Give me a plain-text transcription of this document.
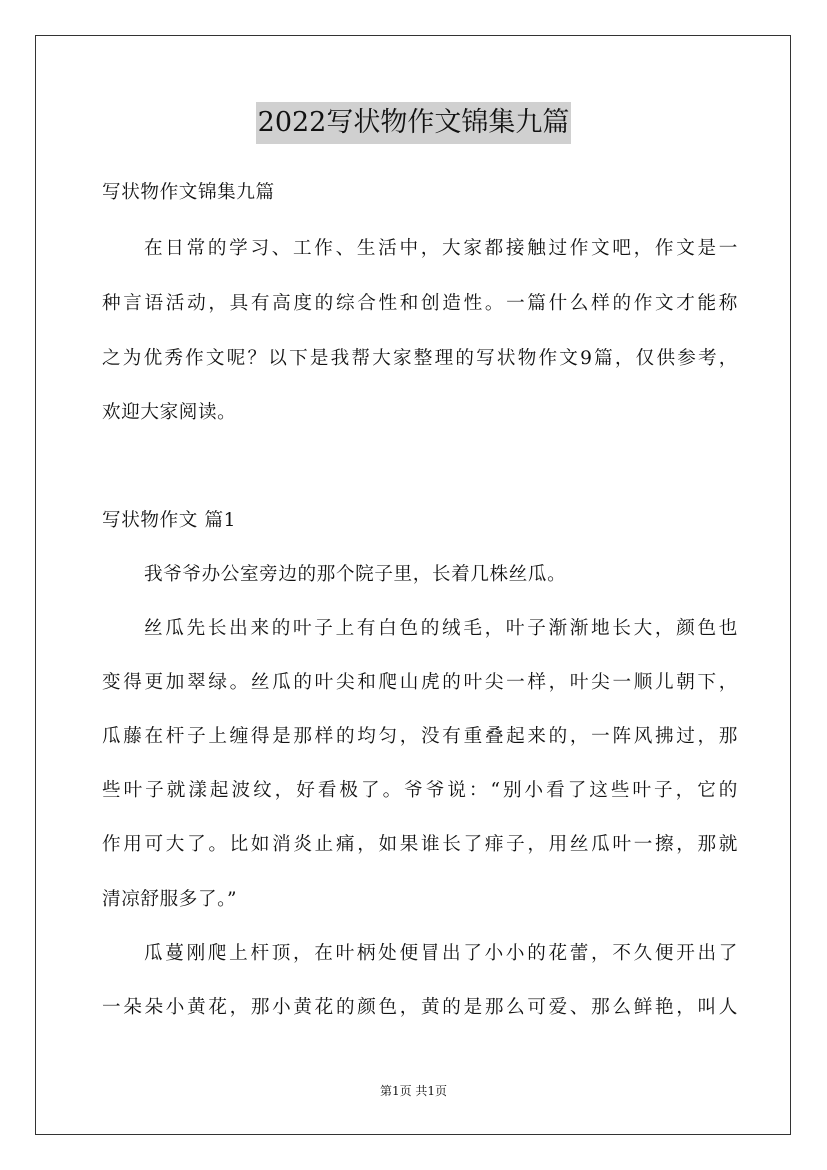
2022写状物作文锦集九篇

写状物作文锦集九篇

在日常的学习、工作、生活中，大家都接触过作文吧，作文是一

种言语活动，具有高度的综合性和创造性。一篇什么样的作文才能称

之为优秀作文呢？以下是我帮大家整理的写状物作文9篇，仅供参考，

欢迎大家阅读。

写状物作文 篇1

我爷爷办公室旁边的那个院子里，长着几株丝瓜。

丝瓜先长出来的叶子上有白色的绒毛，叶子渐渐地长大，颜色也

变得更加翠绿。丝瓜的叶尖和爬山虎的叶尖一样，叶尖一顺儿朝下，

瓜藤在杆子上缠得是那样的均匀，没有重叠起来的，一阵风拂过，那

些叶子就漾起波纹，好看极了。爷爷说：“别小看了这些叶子，它的

作用可大了。比如消炎止痛，如果谁长了痱子，用丝瓜叶一擦，那就

清凉舒服多了。”

瓜蔓刚爬上杆顶，在叶柄处便冒出了小小的花蕾，不久便开出了

一朵朵小黄花，那小黄花的颜色，黄的是那么可爱、那么鲜艳，叫人

第1页 共1页
